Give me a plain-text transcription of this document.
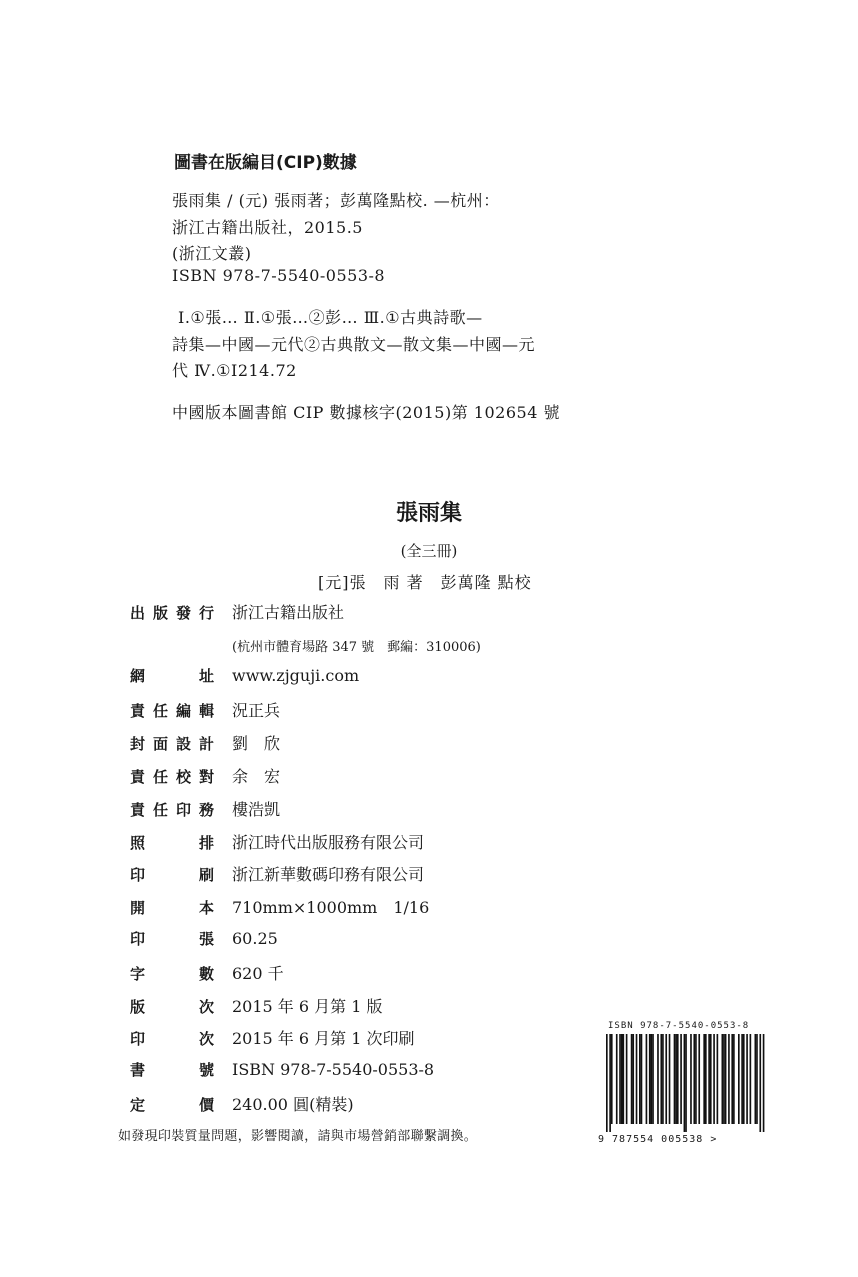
圖書在版編目(CIP)數據
張雨集 / (元) 張雨著；彭萬隆點校. —杭州：
浙江古籍出版社，2015.5
(浙江文叢)
ISBN 978-7-5540-0553-8
Ⅰ.①張… Ⅱ.①張…②彭… Ⅲ.①古典詩歌—
詩集—中國—元代②古典散文—散文集—中國—元
代 Ⅳ.①I214.72
中國版本圖書館 CIP 數據核字(2015)第 102654 號
張雨集
(全三冊)
[元]張　雨 著　彭萬隆 點校
出版發行 浙江古籍出版社
(杭州市體育場路 347 號　郵編：310006)
網　　址 www.zjguji.com
責任編輯 況正兵
封面設計 劉　欣
責任校對 余　宏
責任印務 樓浩凱
照　　排 浙江時代出版服務有限公司
印　　刷 浙江新華數碼印務有限公司
開　　本 710mm×1000mm　1/16
印　　張 60.25
字　　數 620 千
版　　次 2015 年 6 月第 1 版
印　　次 2015 年 6 月第 1 次印刷
書　　號 ISBN 978-7-5540-0553-8
定　　價 240.00 圓(精裝)
如發現印裝質量問題，影響閱讀，請與市場營銷部聯繫調換。
ISBN 978-7-5540-0553-8
9 787554 005538 >
